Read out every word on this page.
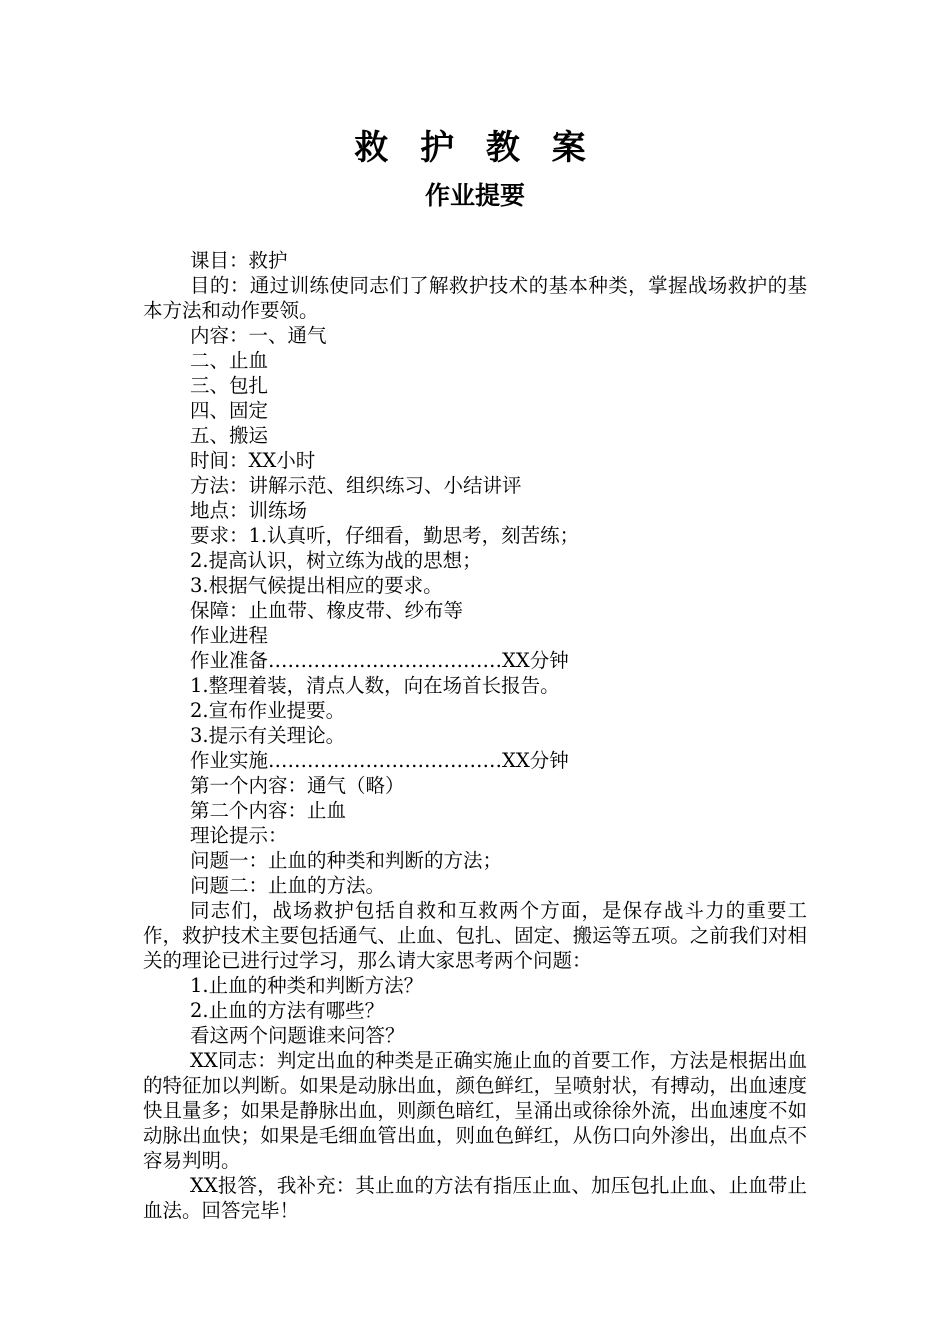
救 护 教 案
作业提要

课目：救护

目的：通过训练使同志们了解救护技术的基本种类，掌握战场救护的基本方法和动作要领。

内容：一、通气

二、止血

三、包扎

四、固定

五、搬运

时间：XX小时

方法：讲解示范、组织练习、小结讲评

地点：训练场

要求：1.认真听，仔细看，勤思考，刻苦练；

2.提高认识，树立练为战的思想；

3.根据气候提出相应的要求。

保障：止血带、橡皮带、纱布等

作业进程

作业准备………………………………XX分钟

1.整理着装，清点人数，向在场首长报告。

2.宣布作业提要。

3.提示有关理论。

作业实施………………………………XX分钟

第一个内容：通气（略）

第二个内容：止血

理论提示：

问题一：止血的种类和判断的方法；

问题二：止血的方法。

同志们，战场救护包括自救和互救两个方面，是保存战斗力的重要工作，救护技术主要包括通气、止血、包扎、固定、搬运等五项。之前我们对相关的理论已进行过学习，那么请大家思考两个问题：

1.止血的种类和判断方法？

2.止血的方法有哪些？

看这两个问题谁来问答？

XX同志：判定出血的种类是正确实施止血的首要工作，方法是根据出血的特征加以判断。如果是动脉出血，颜色鲜红，呈喷射状，有搏动，出血速度快且量多；如果是静脉出血，则颜色暗红，呈涌出或徐徐外流，出血速度不如动脉出血快；如果是毛细血管出血，则血色鲜红，从伤口向外渗出，出血点不容易判明。

XX报答，我补充：其止血的方法有指压止血、加压包扎止血、止血带止血法。回答完毕！
